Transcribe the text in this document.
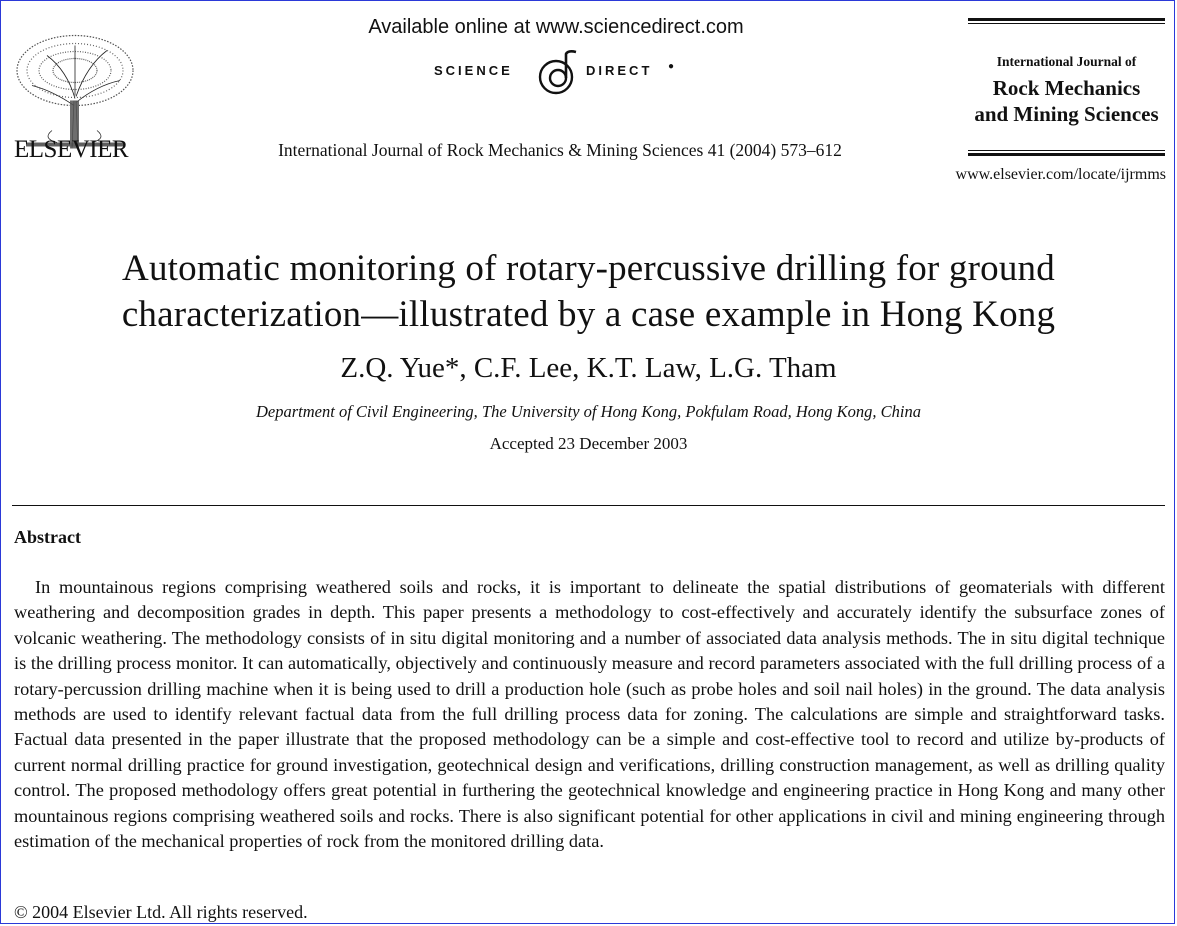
ELSEVIER
Available online at www.sciencedirect.com
SCIENCE	DIRECT ●
International Journal of Rock Mechanics & Mining Sciences 41 (2004) 573–612
International Journal of
Rock Mechanics
and Mining Sciences
www.elsevier.com/locate/ijrmms
Automatic monitoring of rotary-percussive drilling for ground
characterization—illustrated by a case example in Hong Kong
Z.Q. Yue*, C.F. Lee, K.T. Law, L.G. Tham
Department of Civil Engineering, The University of Hong Kong, Pokfulam Road, Hong Kong, China
Accepted 23 December 2003
Abstract
In mountainous regions comprising weathered soils and rocks, it is important to delineate the spatial distributions of geomaterials with different weathering and decomposition grades in depth. This paper presents a methodology to cost-effectively and accurately identify the subsurface zones of volcanic weathering. The methodology consists of in situ digital monitoring and a number of associated data analysis methods. The in situ digital technique is the drilling process monitor. It can automatically, objectively and continuously measure and record parameters associated with the full drilling process of a rotary-percussion drilling machine when it is being used to drill a production hole (such as probe holes and soil nail holes) in the ground. The data analysis methods are used to identify relevant factual data from the full drilling process data for zoning. The calculations are simple and straightforward tasks. Factual data presented in the paper illustrate that the proposed methodology can be a simple and cost-effective tool to record and utilize by-products of current normal drilling practice for ground investigation, geotechnical design and verifications, drilling construction management, as well as drilling quality control. The proposed methodology offers great potential in furthering the geotechnical knowledge and engineering practice in Hong Kong and many other mountainous regions comprising weathered soils and rocks. There is also significant potential for other applications in civil and mining engineering through estimation of the mechanical properties of rock from the monitored drilling data.
© 2004 Elsevier Ltd. All rights reserved.
